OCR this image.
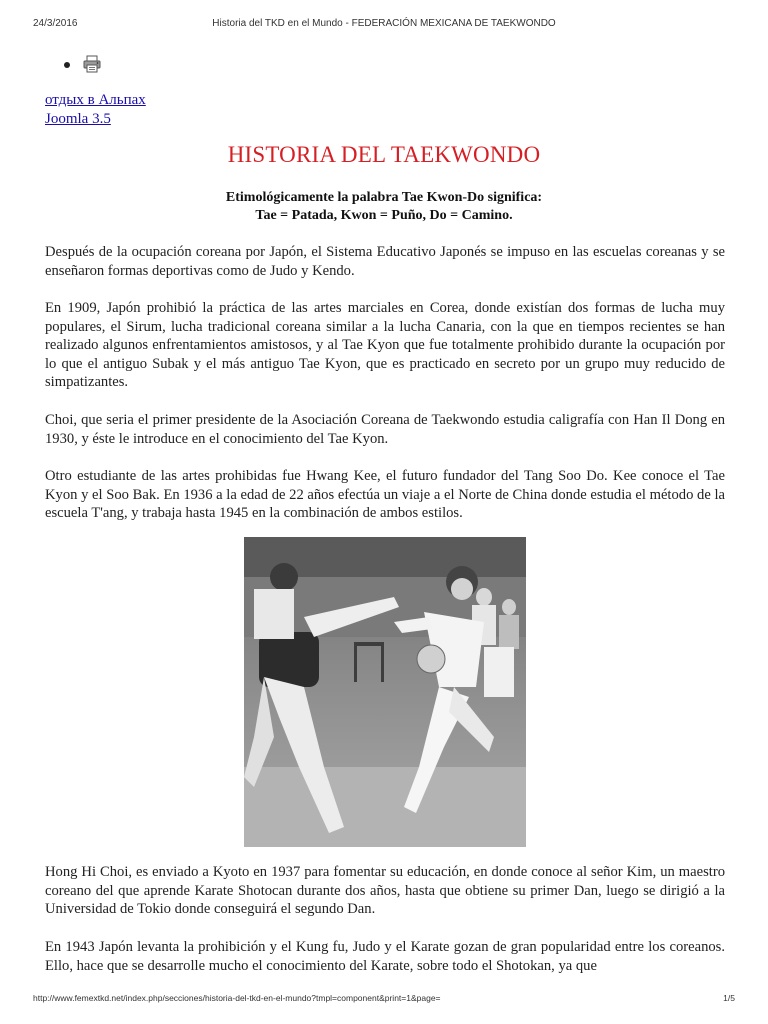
24/3/2016	Historia del TKD en el Mundo - FEDERACIÓN MEXICANA DE TAEKWONDO
отдых в Альпах
Joomla 3.5
HISTORIA DEL TAEKWONDO

Etimológicamente la palabra Tae Kwon-Do significa:
Tae = Patada, Kwon = Puño, Do = Camino.

Después de la ocupación coreana por Japón, el Sistema Educativo Japonés se impuso en las escuelas coreanas y se enseñaron formas deportivas como de Judo y Kendo.

En 1909, Japón prohibió la práctica de las artes marciales en Corea, donde existían dos formas de lucha muy populares, el Sirum, lucha tradicional coreana similar a la lucha Canaria, con la que en tiempos recientes se han realizado algunos enfrentamientos amistosos, y al Tae Kyon que fue totalmente prohibido durante la ocupación por lo que el antiguo Subak y el más antiguo Tae Kyon, que es practicado en secreto por un grupo muy reducido de simpatizantes.

Choi, que seria el primer presidente de la Asociación Coreana de Taekwondo estudia caligrafía con Han Il Dong en 1930, y éste le introduce en el conocimiento del Tae Kyon.

Otro estudiante de las artes prohibidas fue Hwang Kee, el futuro fundador del Tang Soo Do. Kee conoce el Tae Kyon y el Soo Bak. En 1936 a la edad de 22 años efectúa un viaje a el Norte de China donde estudia el método de la escuela T'ang, y trabaja hasta 1945 en la combinación de ambos estilos.

Hong Hi Choi, es enviado a Kyoto en 1937 para fomentar su educación, en donde conoce al señor Kim, un maestro coreano del que aprende Karate Shotocan durante dos años, hasta que obtiene su primer Dan, luego se dirigió a la Universidad de Tokio donde conseguirá el segundo Dan.

En 1943 Japón levanta la prohibición y el Kung fu, Judo y el Karate gozan de gran popularidad entre los coreanos. Ello, hace que se desarrolle mucho el conocimiento del Karate, sobre todo el Shotokan, ya que

http://www.femextkd.net/index.php/secciones/historia-del-tkd-en-el-mundo?tmpl=component&print=1&page=	1/5
